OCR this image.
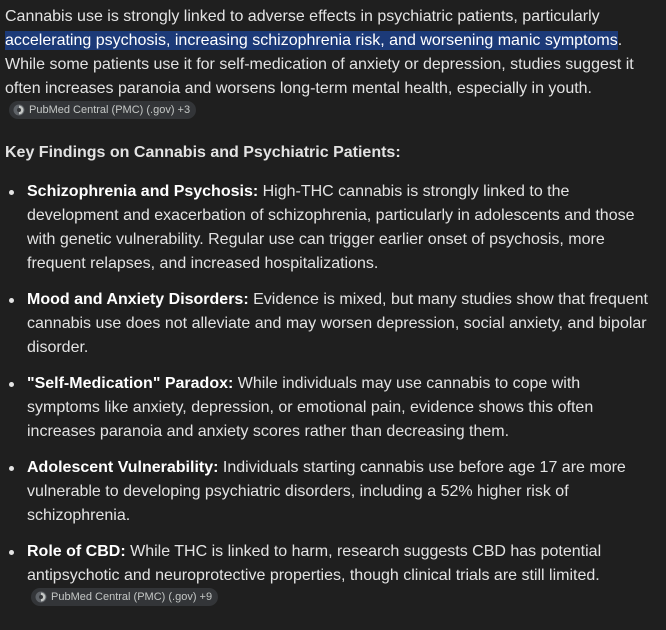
Cannabis use is strongly linked to adverse effects in psychiatric patients, particularly accelerating psychosis, increasing schizophrenia risk, and worsening manic symptoms. While some patients use it for self-medication of anxiety or depression, studies suggest it often increases paranoia and worsens long-term mental health, especially in youth.
PubMed Central (PMC) (.gov) +3

Key Findings on Cannabis and Psychiatric Patients:
Schizophrenia and Psychosis: High-THC cannabis is strongly linked to the development and exacerbation of schizophrenia, particularly in adolescents and those with genetic vulnerability. Regular use can trigger earlier onset of psychosis, more frequent relapses, and increased hospitalizations.
Mood and Anxiety Disorders: Evidence is mixed, but many studies show that frequent cannabis use does not alleviate and may worsen depression, social anxiety, and bipolar disorder.
"Self-Medication" Paradox: While individuals may use cannabis to cope with symptoms like anxiety, depression, or emotional pain, evidence shows this often increases paranoia and anxiety scores rather than decreasing them.
Adolescent Vulnerability: Individuals starting cannabis use before age 17 are more vulnerable to developing psychiatric disorders, including a 52% higher risk of schizophrenia.
Role of CBD: While THC is linked to harm, research suggests CBD has potential antipsychotic and neuroprotective properties, though clinical trials are still limited.
PubMed Central (PMC) (.gov) +9
